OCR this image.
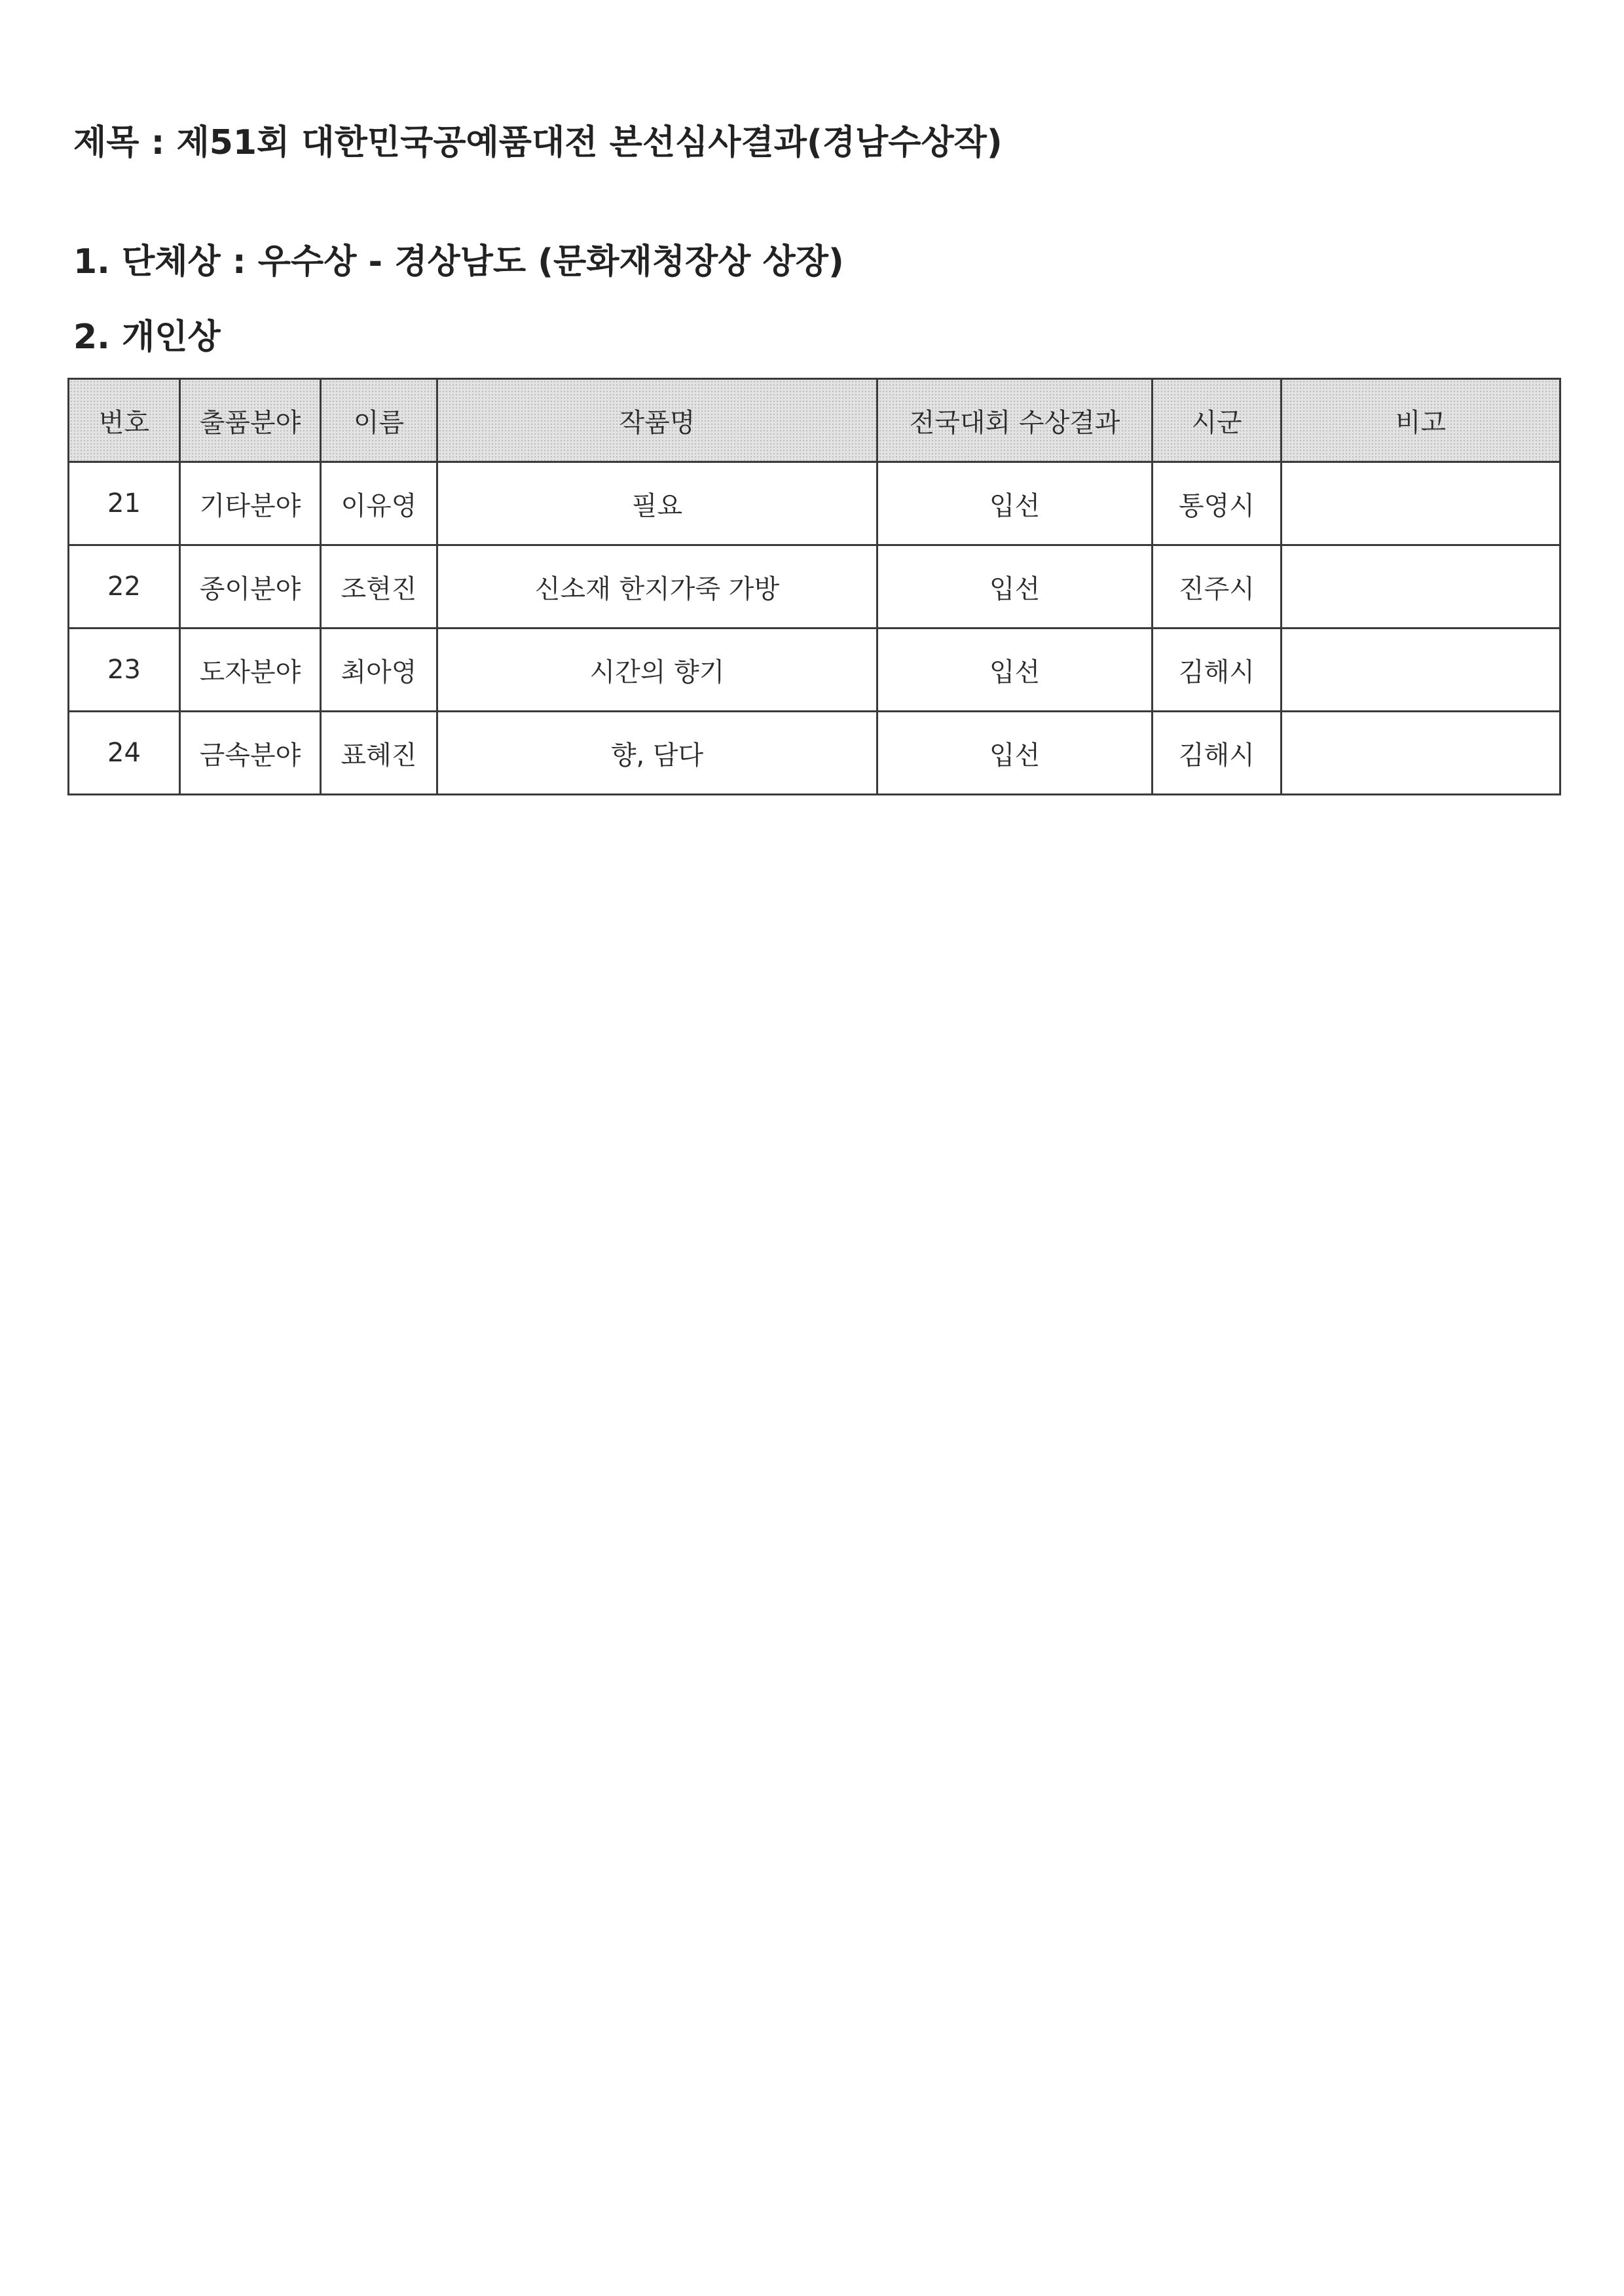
제목 : 제51회 대한민국공예품대전 본선심사결과(경남수상작)
1. 단체상 : 우수상 - 경상남도 (문화재청장상 상장)
2. 개인상
번호	출품분야	이름	작품명	전국대회 수상결과	시군	비고
21	기타분야	이유영	필요	입선	통영시	
22	종이분야	조현진	신소재 한지가죽 가방	입선	진주시	
23	도자분야	최아영	시간의 향기	입선	김해시	
24	금속분야	표혜진	향, 담다	입선	김해시	
